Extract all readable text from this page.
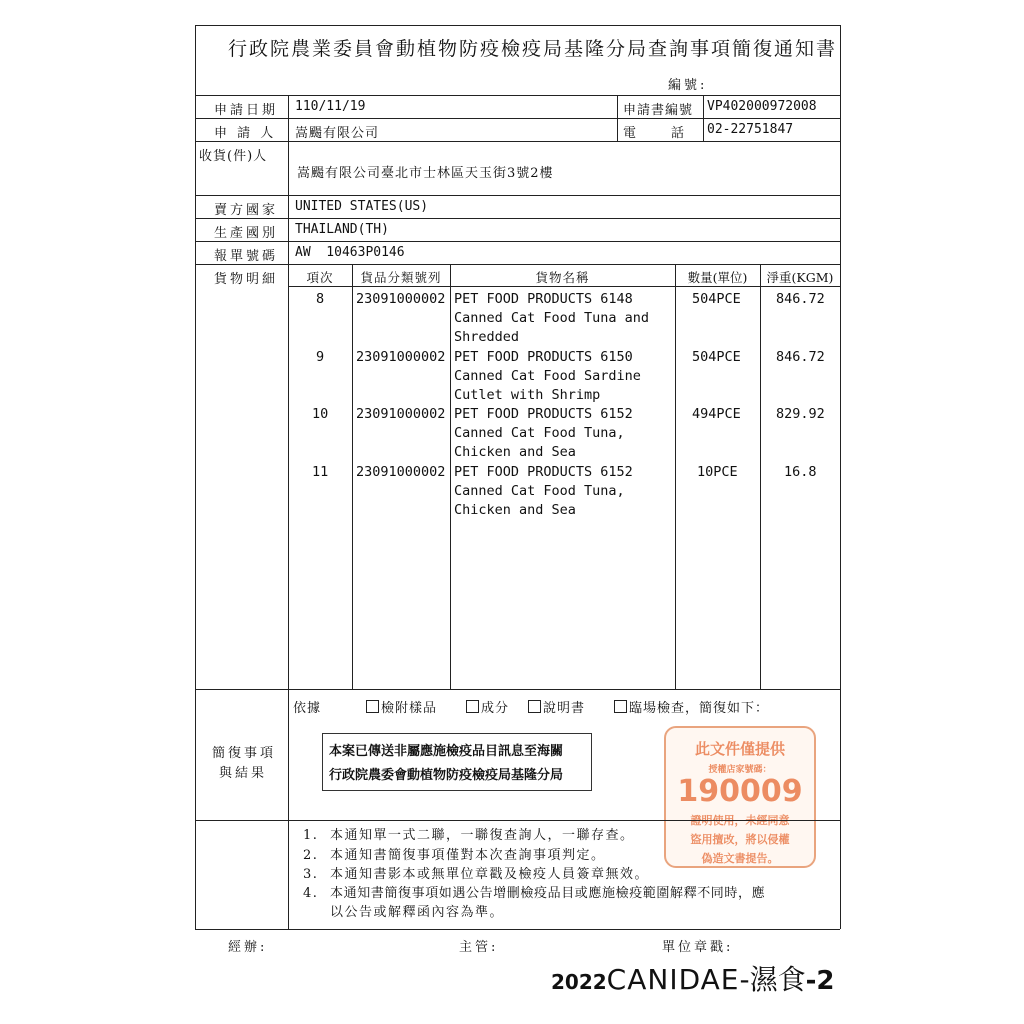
行政院農業委員會動植物防疫檢疫局基隆分局查詢事項簡復通知書
編號:
申請日期 110/11/19	申請書編號 VP402000972008
申 請 人 嵩颺有限公司	電　　話 02-22751847
收貨(件)人
嵩颺有限公司臺北市士林區天玉街3號2樓
賣方國家 UNITED STATES(US)
生產國別 THAILAND(TH)
報單號碼 AW  10463P0146
貨物明細	項次	貨品分類號列	貨物名稱	數量(單位)	淨重(KGM)
8 23091000002 PET FOOD PRODUCTS 6148
Canned Cat Food Tuna and
Shredded
504PCE	846.72
9 23091000002 PET FOOD PRODUCTS 6150
Canned Cat Food Sardine
Cutlet with Shrimp
504PCE	846.72
10 23091000002 PET FOOD PRODUCTS 6152
Canned Cat Food Tuna,
Chicken and Sea
494PCE	829.92
11 23091000002 PET FOOD PRODUCTS 6152
Canned Cat Food Tuna,
Chicken and Sea
10PCE	16.8
簡復事項
與結果
依據	檢附樣品	成分	說明書	臨場檢查，簡復如下：
本案已傳送非屬應施檢疫品目訊息至海關
行政院農委會動植物防疫檢疫局基隆分局
此文件僅提供
授權店家號碼：
190009
證明使用，未經同意
盜用擅改，將以侵權
偽造文書提告。
1. 本通知單一式二聯，一聯復查詢人，一聯存查。
2. 本通知書簡復事項僅對本次查詢事項判定。
3. 本通知書影本或無單位章戳及檢疫人員簽章無效。
4. 本通知書簡復事項如遇公告增刪檢疫品目或應施檢疫範圍解釋不同時，應
以公告或解釋函內容為準。
經辦:	主管:	單位章戳:
2022CANIDAE-濕食-2
